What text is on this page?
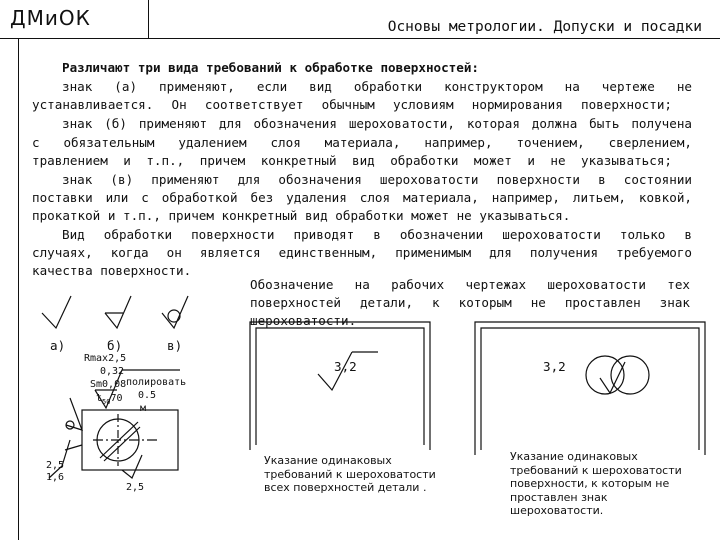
ДМиОК	Основы метрологии. Допуски и посадки
Различают три вида требований к обработке поверхностей:
знак (а) применяют, если вид обработки конструктором на чертеже не
устанавливается. Он соответствует обычным условиям нормирования поверхности;
знак (б) применяют для обозначения шероховатости, которая должна быть получена
с обязательным удалением слоя материала, например, точением, сверлением,
травлением и т.п., причем конкретный вид обработки может и не указываться;
знак (в) применяют для обозначения шероховатости поверхности в состоянии
поставки или с обработкой без удаления слоя материала, например, литьем, ковкой,
прокаткой и т.п., причем конкретный вид обработки может не указываться.
Вид обработки поверхности приводят в обозначении шероховатости только в
случаях, когда он является единственным, применимым для получения требуемого
качества поверхности.
Обозначение на рабочих чертежах шероховатости тех
поверхностей детали, к которым не проставлен знак
шероховатости.
а)	б)	в)
Rmax2,5
0,32
Sm0,08
$t_{50}70$
полировать
0.5
м
2,5
1,6
2,5
3,2	3,2
Указание одинаковых
требований к шероховатости
всех поверхностей детали .
Указание одинаковых
требований к шероховатости
поверхности, к которым не
проставлен знак
шероховатости.
